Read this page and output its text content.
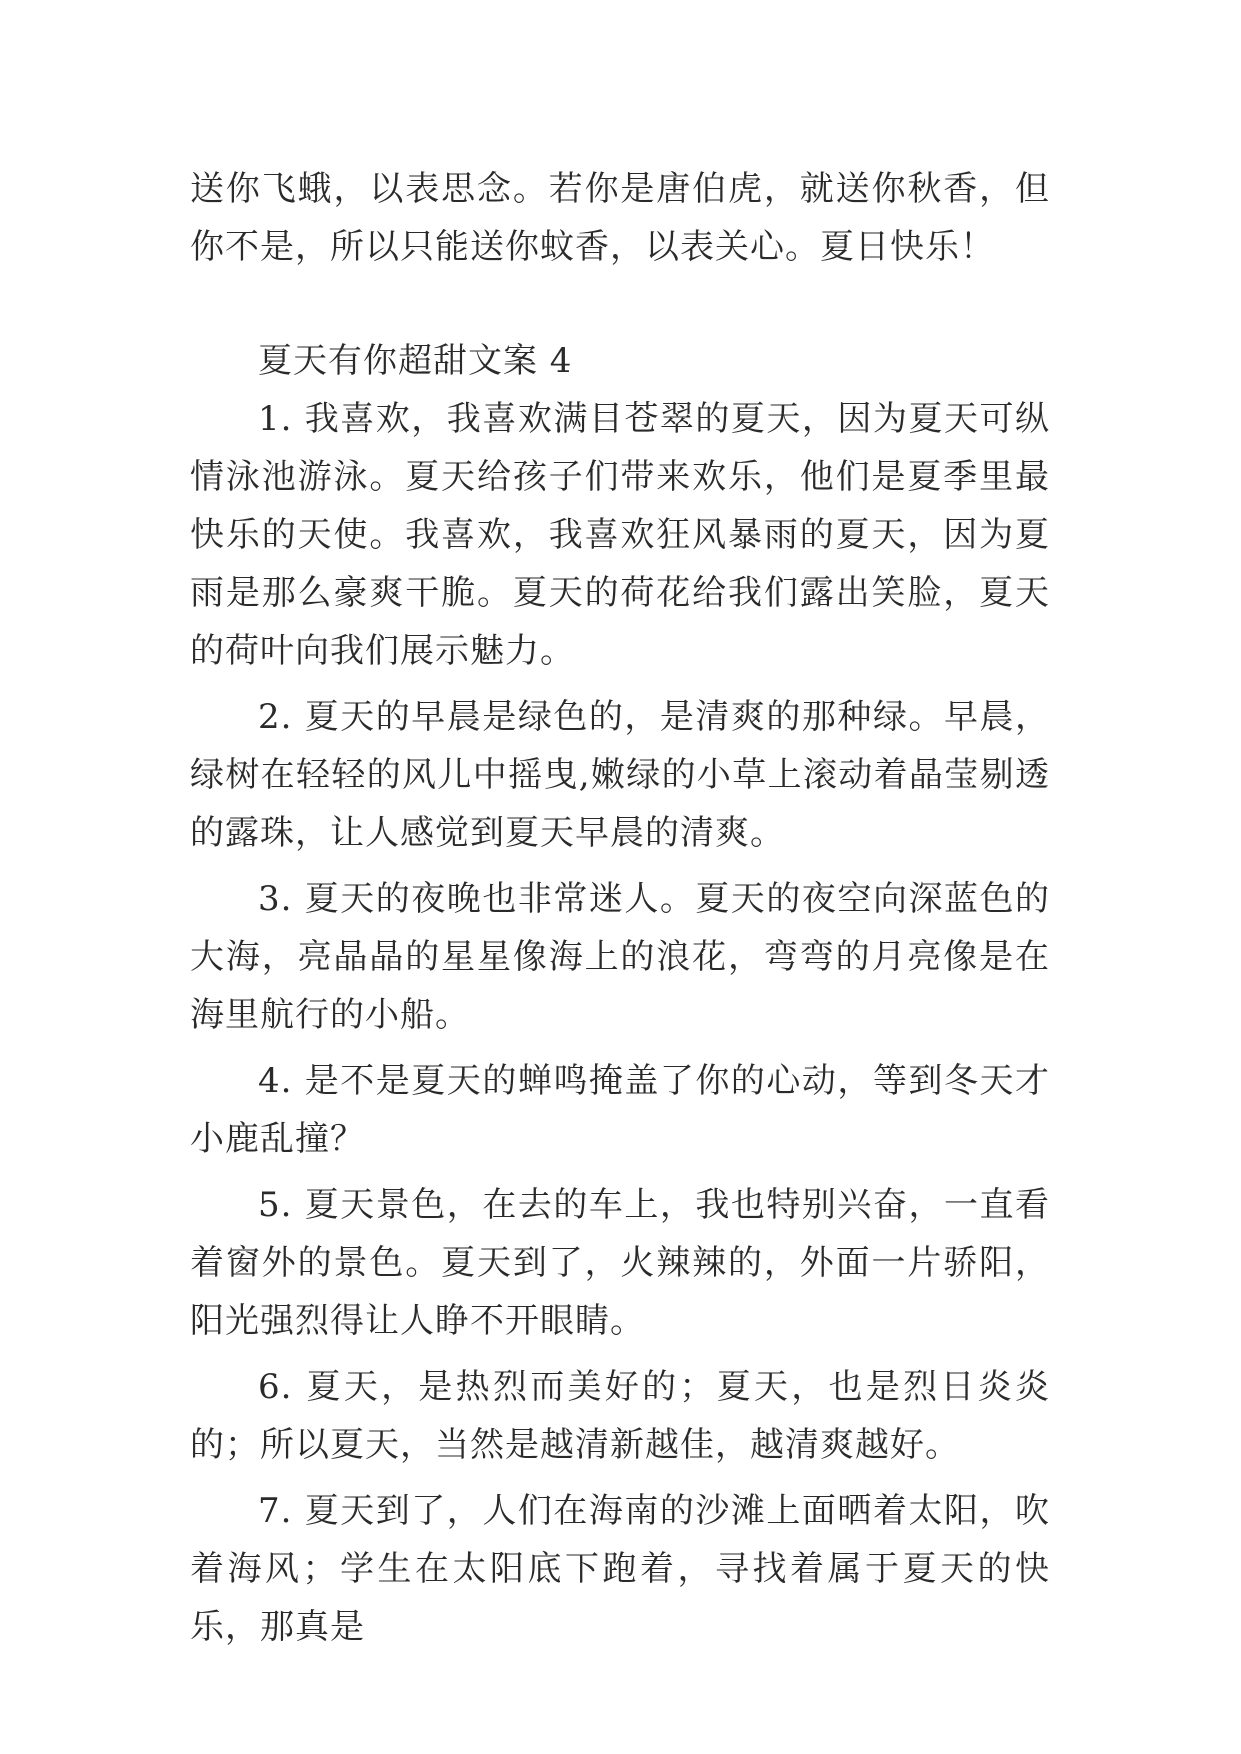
送你飞蛾，以表思念。若你是唐伯虎，就送你秋香，但你不是，所以只能送你蚊香，以表关心。夏日快乐！

夏天有你超甜文案 4

1. 我喜欢，我喜欢满目苍翠的夏天，因为夏天可纵情泳池游泳。夏天给孩子们带来欢乐，他们是夏季里最快乐的天使。我喜欢，我喜欢狂风暴雨的夏天，因为夏雨是那么豪爽干脆。夏天的荷花给我们露出笑脸，夏天的荷叶向我们展示魅力。

2. 夏天的早晨是绿色的，是清爽的那种绿。早晨，绿树在轻轻的风儿中摇曳,嫩绿的小草上滚动着晶莹剔透的露珠，让人感觉到夏天早晨的清爽。

3. 夏天的夜晚也非常迷人。夏天的夜空向深蓝色的大海，亮晶晶的星星像海上的浪花，弯弯的月亮像是在海里航行的小船。

4. 是不是夏天的蝉鸣掩盖了你的心动，等到冬天才小鹿乱撞？

5. 夏天景色，在去的车上，我也特别兴奋，一直看着窗外的景色。夏天到了，火辣辣的，外面一片骄阳，阳光强烈得让人睁不开眼睛。

6. 夏天，是热烈而美好的；夏天，也是烈日炎炎的；所以夏天，当然是越清新越佳，越清爽越好。

7. 夏天到了，人们在海南的沙滩上面晒着太阳，吹着海风；学生在太阳底下跑着，寻找着属于夏天的快乐，那真是
